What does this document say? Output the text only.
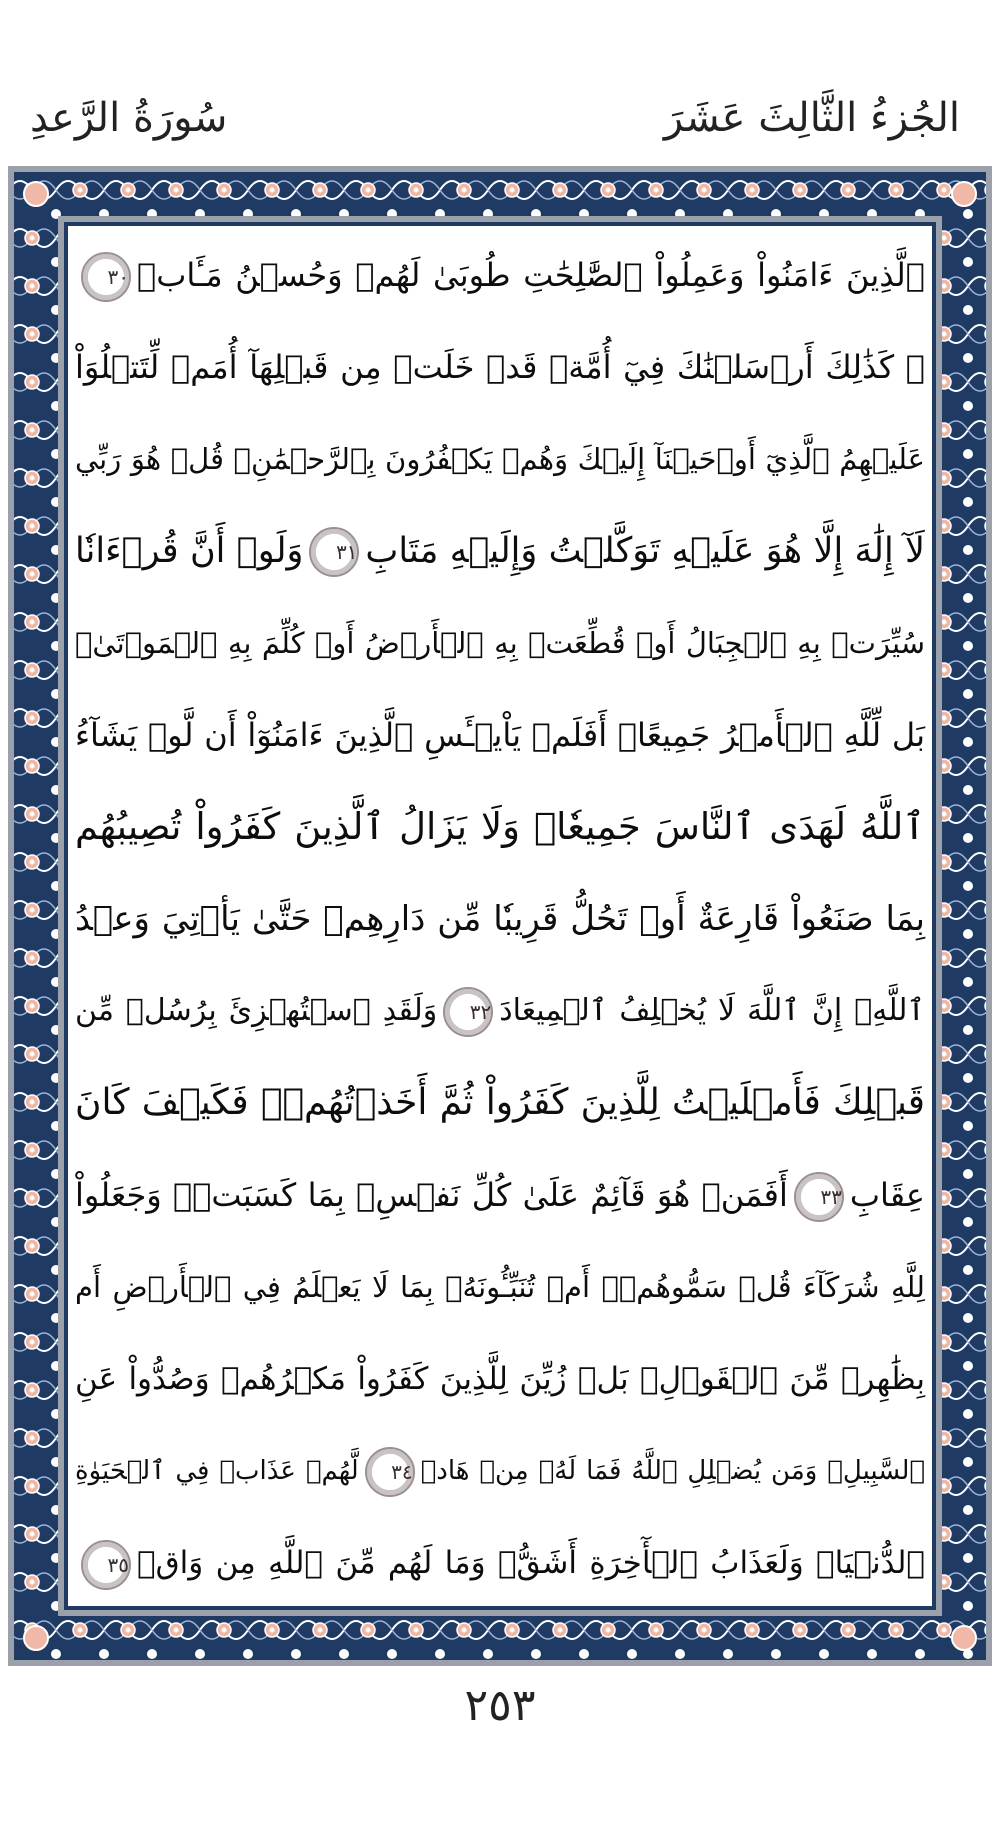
الجُزءُ الثَّالِثَ عَشَرَ
سُورَةُ الرَّعدِ
ٱلَّذِينَ ءَامَنُواْ وَعَمِلُواْ ٱلصَّٰلِحَٰتِ طُوبَىٰ لَهُمۡ وَحُسۡنُ مَـَٔابٖ٣٠
۞ كَذَٰلِكَ أَرۡسَلۡنَٰكَ فِيٓ أُمَّةٖ قَدۡ خَلَتۡ مِن قَبۡلِهَآ أُمَمٞ لِّتَتۡلُوَاْ
عَلَيۡهِمُ ٱلَّذِيٓ أَوۡحَيۡنَآ إِلَيۡكَ وَهُمۡ يَكۡفُرُونَ بِٱلرَّحۡمَٰنِۚ قُلۡ هُوَ رَبِّي
لَآ إِلَٰهَ إِلَّا هُوَ عَلَيۡهِ تَوَكَّلۡتُ وَإِلَيۡهِ مَتَابِ٣١وَلَوۡ أَنَّ قُرۡءَانٗا
سُيِّرَتۡ بِهِ ٱلۡجِبَالُ أَوۡ قُطِّعَتۡ بِهِ ٱلۡأَرۡضُ أَوۡ كُلِّمَ بِهِ ٱلۡمَوۡتَىٰۗ
بَل لِّلَّهِ ٱلۡأَمۡرُ جَمِيعًاۗ أَفَلَمۡ يَاْيۡـَٔسِ ٱلَّذِينَ ءَامَنُوٓاْ أَن لَّوۡ يَشَآءُ
ٱللَّهُ لَهَدَى ٱلنَّاسَ جَمِيعٗاۗ وَلَا يَزَالُ ٱلَّذِينَ كَفَرُواْ تُصِيبُهُم
بِمَا صَنَعُواْ قَارِعَةٌ أَوۡ تَحُلُّ قَرِيبٗا مِّن دَارِهِمۡ حَتَّىٰ يَأۡتِيَ وَعۡدُ
ٱللَّهِۚ إِنَّ ٱللَّهَ لَا يُخۡلِفُ ٱلۡمِيعَادَ٣٢وَلَقَدِ ٱسۡتُهۡزِئَ بِرُسُلٖ مِّن
قَبۡلِكَ فَأَمۡلَيۡتُ لِلَّذِينَ كَفَرُواْ ثُمَّ أَخَذۡتُهُمۡۖ فَكَيۡفَ كَانَ
عِقَابِ٣٣أَفَمَنۡ هُوَ قَآئِمٌ عَلَىٰ كُلِّ نَفۡسِۭ بِمَا كَسَبَتۡۗ وَجَعَلُواْ
لِلَّهِ شُرَكَآءَ قُلۡ سَمُّوهُمۡۚ أَمۡ تُنَبِّـُٔونَهُۥ بِمَا لَا يَعۡلَمُ فِي ٱلۡأَرۡضِ أَم
بِظَٰهِرٖ مِّنَ ٱلۡقَوۡلِۗ بَلۡ زُيِّنَ لِلَّذِينَ كَفَرُواْ مَكۡرُهُمۡ وَصُدُّواْ عَنِ
ٱلسَّبِيلِۗ وَمَن يُضۡلِلِ ٱللَّهُ فَمَا لَهُۥ مِنۡ هَادٖ٣٤لَّهُمۡ عَذَابٞ فِي ٱلۡحَيَوٰةِ
ٱلدُّنۡيَاۖ وَلَعَذَابُ ٱلۡأٓخِرَةِ أَشَقُّۖ وَمَا لَهُم مِّنَ ٱللَّهِ مِن وَاقٖ٣٥
٢٥٣
